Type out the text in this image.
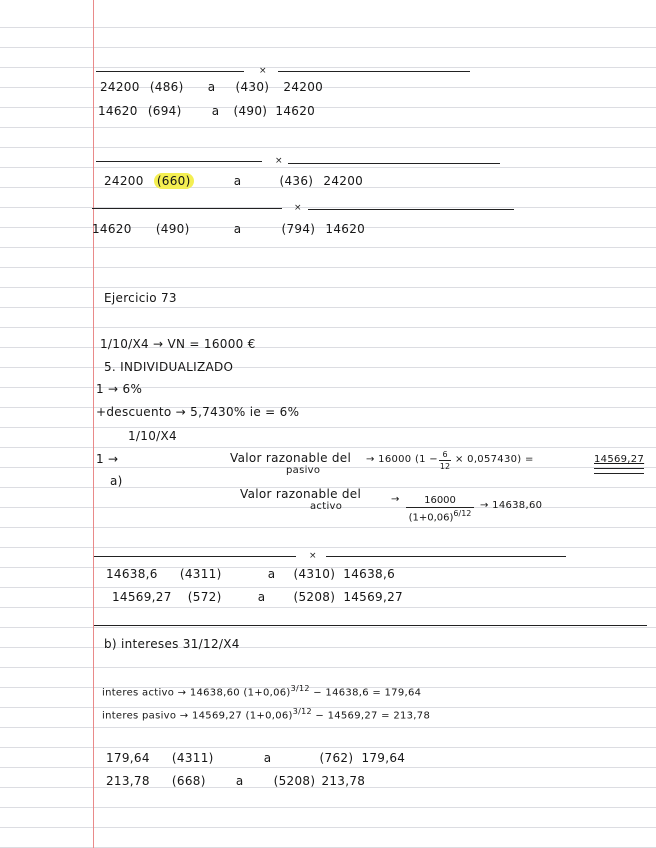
×
24200 (486) a (430) 24200
14620 (694)	a (490) 14620
×
24200 (660)	a	(436) 24200
×
14620 (490)	a	(794) 14620
Ejercicio 73
1/10/X4 → VN = 16000 €
5. INDIVIDUALIZADO
1 → 6%
+descuento → 5,7430% ie = 6%
1/10/X4
1 →
a)
Valor razonable del
pasivo
→ 16000 (1 − 6
12
× 0,057430) =	14569,27
Valor razonable del
activo
→	16000
$(1+0,06)^{6/12}$
→ 14638,60
×
14638,6 (4311)	a (4310) 14638,6
14569,27 (572)	a (5208) 14569,27
b) intereses 31/12/X4
interes activo → 14638,60 $(1+0,06)^{3/12} - 14638,6 = 179,64$
interes pasivo → 14569,27 $(1+0,06)^{3/12} - 14569,27 = 213,78$
179,64 (4311)	a	(762) 179,64
213,78 (668)	a	(5208) 213,78
